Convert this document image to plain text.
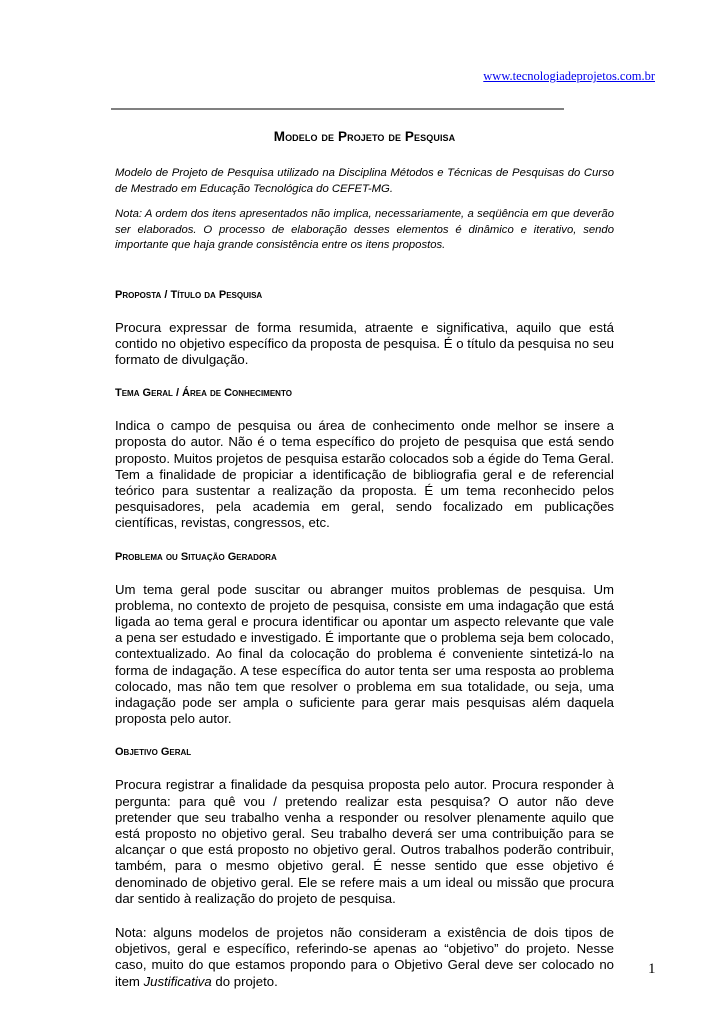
www.tecnologiadeprojetos.com.br
Modelo de Projeto de Pesquisa

Modelo de Projeto de Pesquisa utilizado na Disciplina Métodos e Técnicas de Pesquisas do Curso de Mestrado em Educação Tecnológica do CEFET-MG.

Nota: A ordem dos itens apresentados não implica, necessariamente, a seqüência em que deverão ser elaborados. O processo de elaboração desses elementos é dinâmico e iterativo, sendo importante que haja grande consistência entre os itens propostos.

Proposta / Título da Pesquisa

Procura expressar de forma resumida, atraente e significativa, aquilo que está contido no objetivo específico da proposta de pesquisa. É o título da pesquisa no seu formato de divulgação.

Tema Geral / Área de Conhecimento

Indica o campo de pesquisa ou área de conhecimento onde melhor se insere a proposta do autor. Não é o tema específico do projeto de pesquisa que está sendo proposto. Muitos projetos de pesquisa estarão colocados sob a égide do Tema Geral. Tem a finalidade de propiciar a identificação de bibliografia geral e de referencial teórico para sustentar a realização da proposta. É um tema reconhecido pelos pesquisadores, pela academia em geral, sendo focalizado em publicações científicas, revistas, congressos, etc.

Problema ou Situação Geradora

Um tema geral pode suscitar ou abranger muitos problemas de pesquisa. Um problema, no contexto de projeto de pesquisa, consiste em uma indagação que está ligada ao tema geral e procura identificar ou apontar um aspecto relevante que vale a pena ser estudado e investigado. É importante que o problema seja bem colocado, contextualizado. Ao final da colocação do problema é conveniente sintetizá-lo na forma de indagação. A tese específica do autor tenta ser uma resposta ao problema colocado, mas não tem que resolver o problema em sua totalidade, ou seja, uma indagação pode ser ampla o suficiente para gerar mais pesquisas além daquela proposta pelo autor.

Objetivo Geral

Procura registrar a finalidade da pesquisa proposta pelo autor. Procura responder à pergunta: para quê vou / pretendo realizar esta pesquisa? O autor não deve pretender que seu trabalho venha a responder ou resolver plenamente aquilo que está proposto no objetivo geral. Seu trabalho deverá ser uma contribuição para se alcançar o que está proposto no objetivo geral. Outros trabalhos poderão contribuir, também, para o mesmo objetivo geral. É nesse sentido que esse objetivo é denominado de objetivo geral. Ele se refere mais a um ideal ou missão que procura dar sentido à realização do projeto de pesquisa.

Nota: alguns modelos de projetos não consideram a existência de dois tipos de objetivos, geral e específico, referindo-se apenas ao “objetivo” do projeto. Nesse caso, muito do que estamos propondo para o Objetivo Geral deve ser colocado no item Justificativa do projeto.

1
